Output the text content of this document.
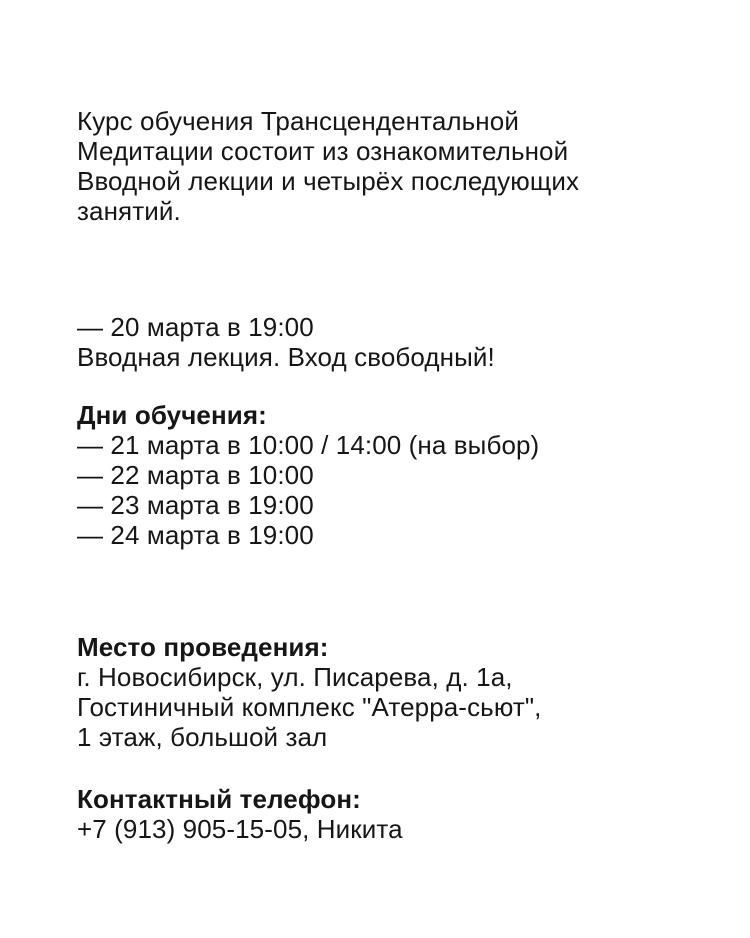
Курс обучения Трансцендентальной
Медитации состоит из ознакомительной
Вводной лекции и четырёх последующих
занятий.
— 20 марта в 19:00
Вводная лекция. Вход свободный!
Дни обучения:
— 21 марта в 10:00 / 14:00 (на выбор)
— 22 марта в 10:00
— 23 марта в 19:00
— 24 марта в 19:00
Место проведения:
г. Новосибирск, ул. Писарева, д. 1а,
Гостиничный комплекс "Атерра-сьют",
1 этаж, большой зал
Контактный телефон:
+7 (913) 905-15-05, Никита
